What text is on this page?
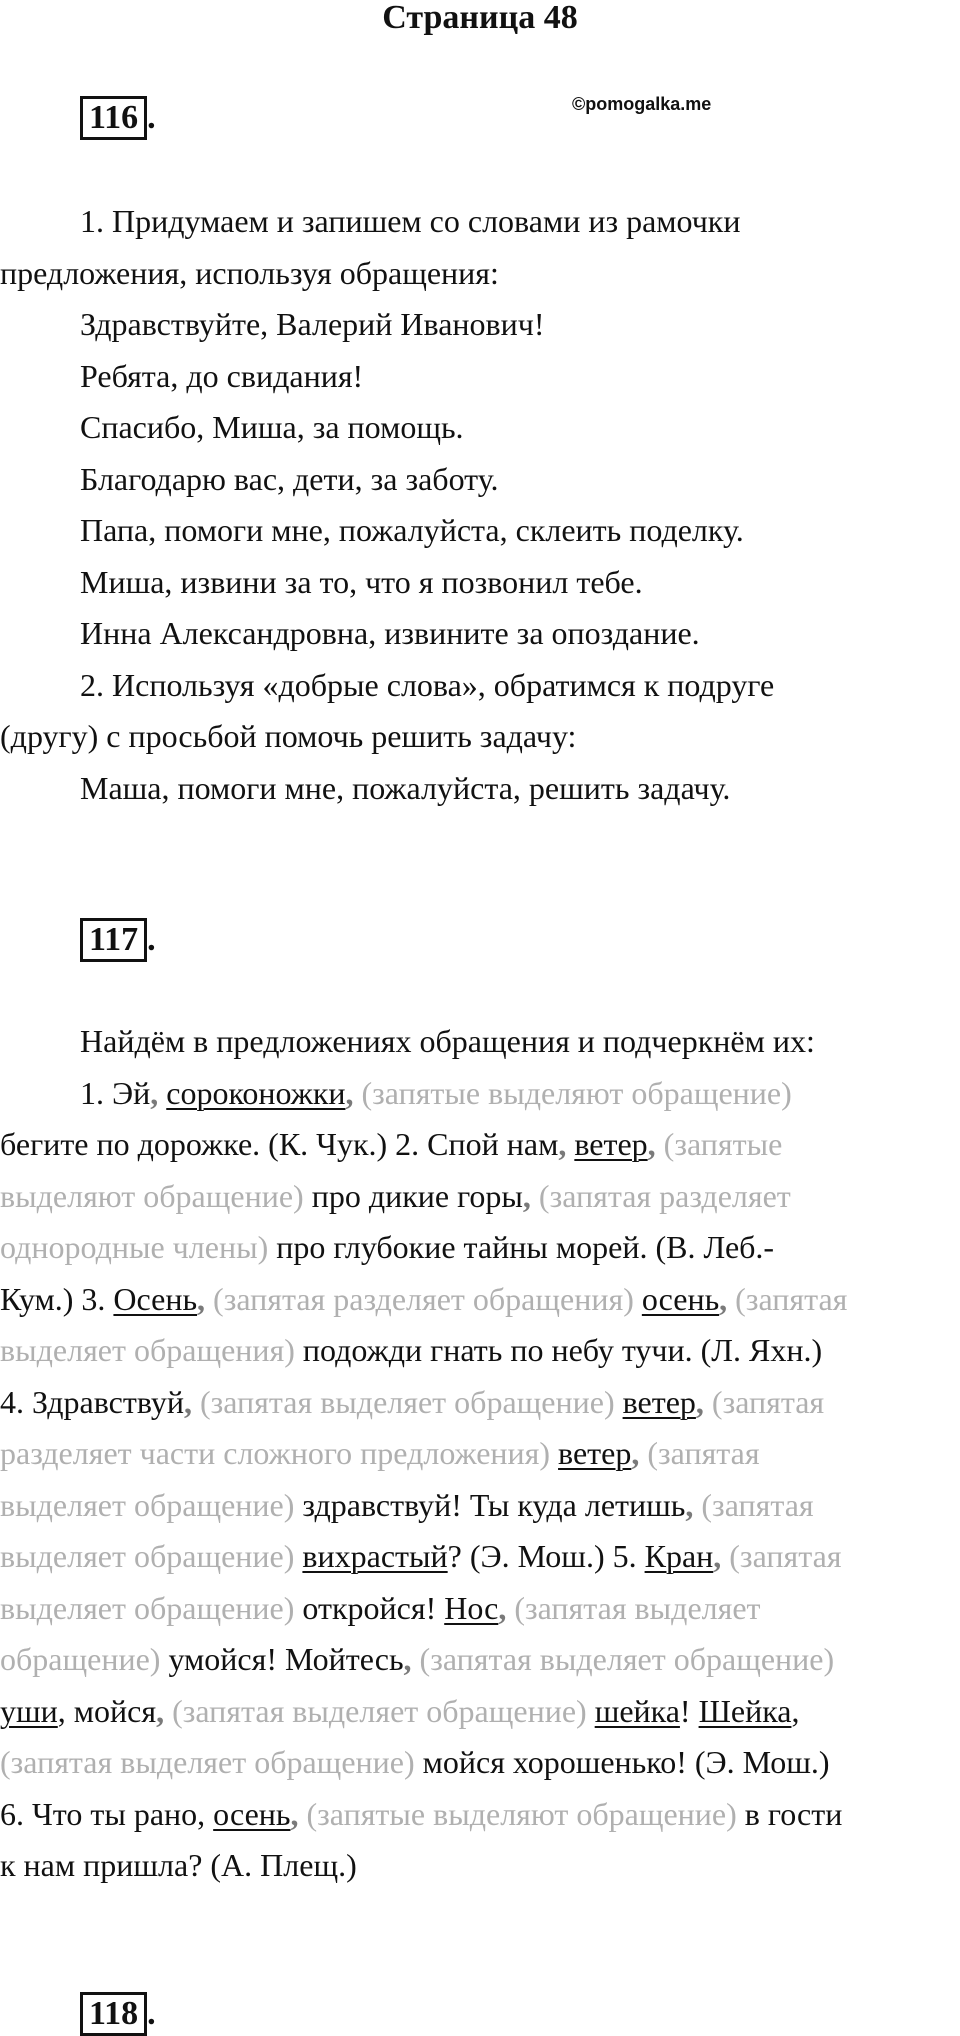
Страница 48
116 .	©pomogalka.me
1. Придумаем и запишем со словами из рамочки
предложения, используя обращения:
Здравствуйте, Валерий Иванович!
Ребята, до свидания!
Спасибо, Миша, за помощь.
Благодарю вас, дети, за заботу.
Папа, помоги мне, пожалуйста, склеить поделку.
Миша, извини за то, что я позвонил тебе.
Инна Александровна, извините за опоздание.
2. Используя «добрые слова», обратимся к подруге
(другу) с просьбой помочь решить задачу:
Маша, помоги мне, пожалуйста, решить задачу.
117 .
Найдём в предложениях обращения и подчеркнём их:
1. Эй, сороконожки, (запятые выделяют обращение)
бегите по дорожке. (К. Чук.) 2. Спой нам, ветер, (запятые
выделяют обращение) про дикие горы, (запятая разделяет
однородные члены) про глубокие тайны морей. (В. Леб.-
Кум.) 3. Осень, (запятая разделяет обращения) осень, (запятая
выделяет обращения) подожди гнать по небу тучи. (Л. Яхн.)
4. Здравствуй, (запятая выделяет обращение) ветер, (запятая
разделяет части сложного предложения) ветер, (запятая
выделяет обращение) здравствуй! Ты куда летишь, (запятая
выделяет обращение) вихрастый? (Э. Мош.) 5. Кран, (запятая
выделяет обращение) откройся! Нос, (запятая выделяет
обращение) умойся! Мойтесь, (запятая выделяет обращение)
уши, мойся, (запятая выделяет обращение) шейка! Шейка,
(запятая выделяет обращение) мойся хорошенько! (Э. Мош.)
6. Что ты рано, осень, (запятые выделяют обращение) в гости
к нам пришла? (А. Плещ.)
118 .
